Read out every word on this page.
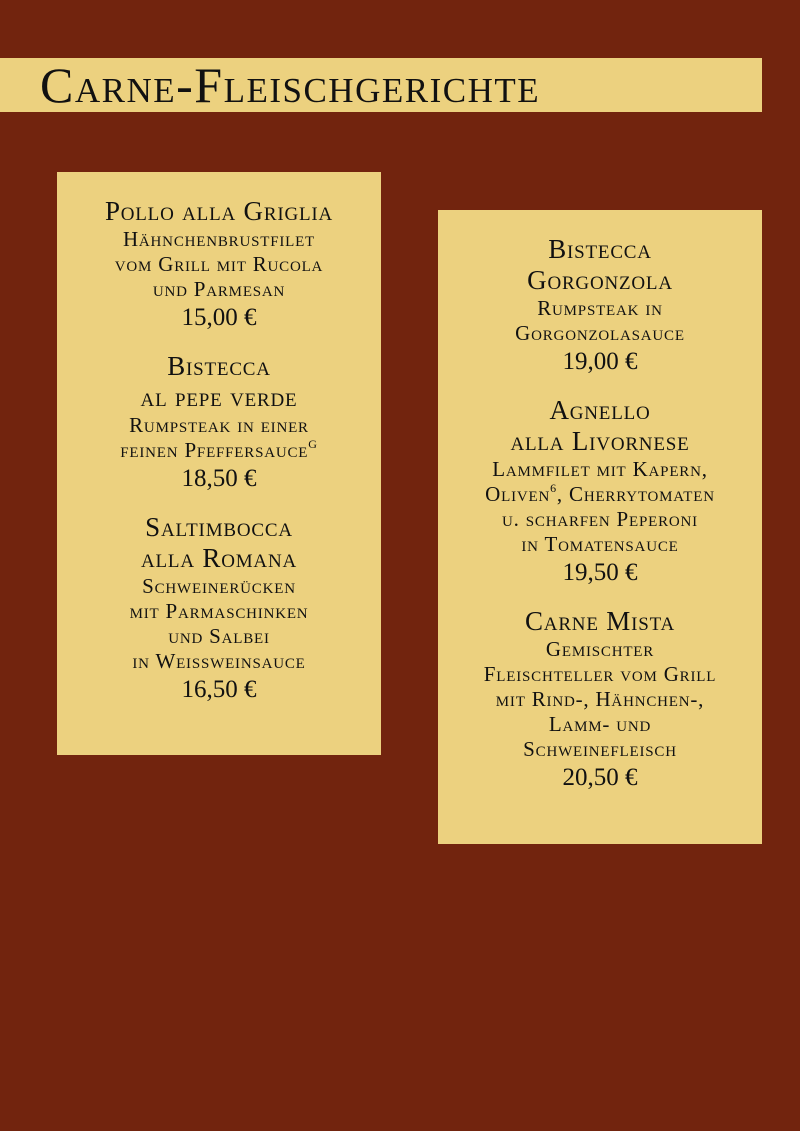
Carne-Fleischgerichte
Pollo alla Griglia
Hähnchenbrustfilet
vom Grill mit Rucola
und Parmesan
15,00 €
Bistecca
al pepe verde
Rumpsteak in einer
feinen Pfeffersauce$^G$
18,50 €
Saltimbocca
alla Romana
Schweinerücken
mit Parmaschinken
und Salbei
in Weissweinsauce
16,50 €
Bistecca
Gorgonzola
Rumpsteak in
Gorgonzolasauce
19,00 €
Agnello
alla Livornese
Lammfilet mit Kapern,
Oliven$^6$, Cherrytomaten
u. scharfen Peperoni
in Tomatensauce
19,50 €
Carne Mista
Gemischter
Fleischteller vom Grill
mit Rind-, Hähnchen-,
Lamm- und
Schweinefleisch
20,50 €
